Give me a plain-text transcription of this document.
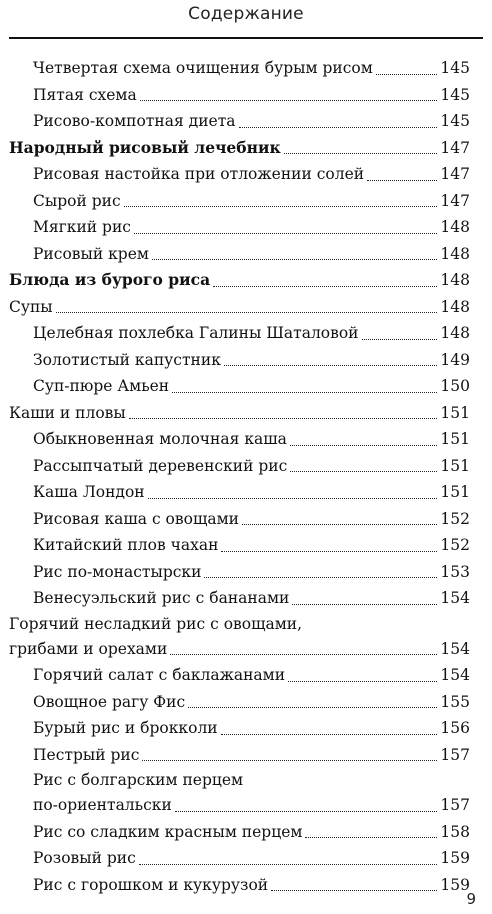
Содержание
Четвертая схема очищения бурым рисом	145
Пятая схема	145
Рисово-компотная диета	145
Народный рисовый лечебник	147
Рисовая настойка при отложении солей	147
Сырой рис	147
Мягкий рис	148
Рисовый крем	148
Блюда из бурого риса	148
Супы	148
Целебная похлебка Галины Шаталовой	148
Золотистый капустник	149
Суп-пюре Амьен	150
Каши и пловы	151
Обыкновенная молочная каша	151
Рассыпчатый деревенский рис	151
Каша Лондон	151
Рисовая каша с овощами	152
Китайский плов чахан	152
Рис по-монастырски	153
Венесуэльский рис с бананами	154
Горячий несладкий рис с овощами,
грибами и орехами	154
Горячий салат с баклажанами	154
Овощное рагу Фис	155
Бурый рис и брокколи	156
Пестрый рис	157
Рис с болгарским перцем
по-ориентальски	157
Рис со сладким красным перцем	158
Розовый рис	159
Рис с горошком и кукурузой	159
9
